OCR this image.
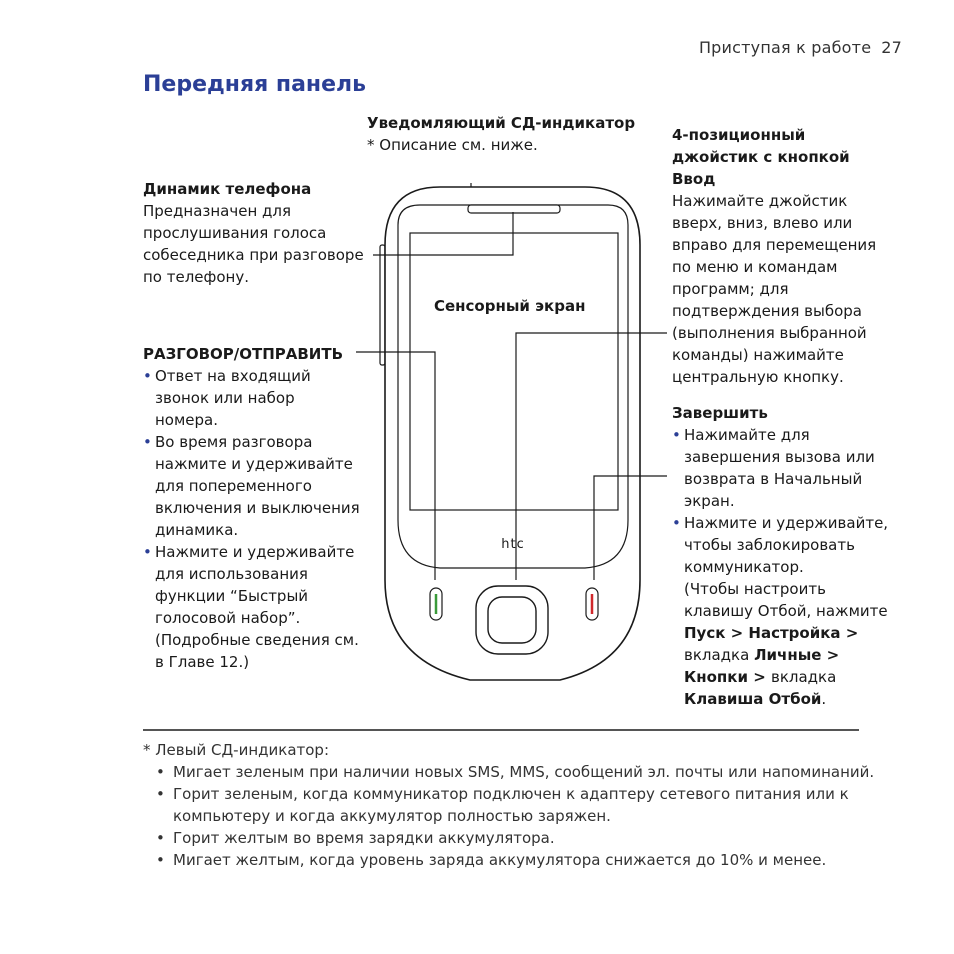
Приступая к работе 27
Передняя панель
htc
Уведомляющий СД-индикатор
* Описание см. ниже.
Динамик телефона
Предназначен для
прослушивания голоса
собеседника при разговоре
по телефону.
Сенсорный экран
РАЗГОВОР/ОТПРАВИТЬ
• Ответ на входящий
звонок или набор
номера.
• Во время разговора
нажмите и удерживайте
для попеременного
включения и выключения
динамика.
• Нажмите и удерживайте
для использования
функции “Быстрый
голосовой набор”.
(Подробные сведения см.
в Главе 12.)
4-позиционный
джойстик с кнопкой
Ввод
Нажимайте джойстик
вверх, вниз, влево или
вправо для перемещения
по меню и командам
программ; для
подтверждения выбора
(выполнения выбранной
команды) нажимайте
центральную кнопку.
Завершить
• Нажимайте для
завершения вызова или
возврата в Начальный
экран.
• Нажмите и удерживайте,
чтобы заблокировать
коммуникатор.
(Чтобы настроить
клавишу Отбой, нажмите
Пуск > Настройка >
вкладка Личные >
Кнопки > вкладка
Клавиша Отбой.
* Левый СД-индикатор:
• Мигает зеленым при наличии новых SMS, MMS, сообщений эл. почты или напоминаний.
• Горит зеленым, когда коммуникатор подключен к адаптеру сетевого питания или к компьютеру и когда аккумулятор полностью заряжен.
• Горит желтым во время зарядки аккумулятора.
• Мигает желтым, когда уровень заряда аккумулятора снижается до 10% и менее.
